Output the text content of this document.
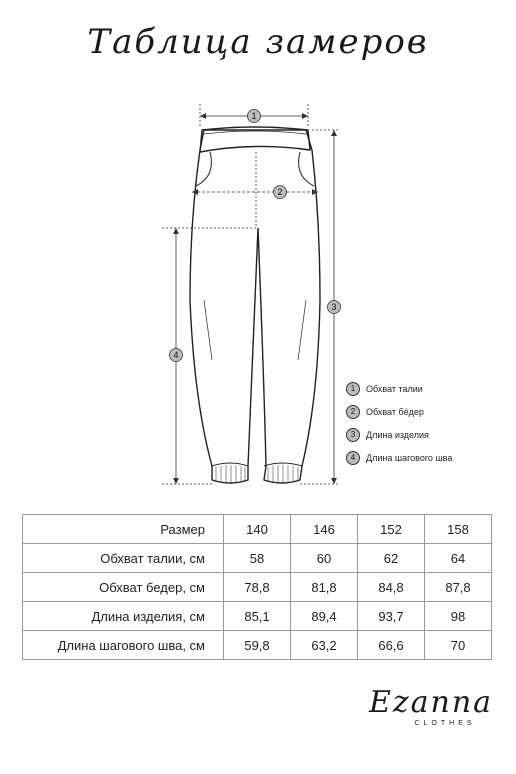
Таблица замеров
1
2
3
4
1	Обхват талии
2	Обхват бёдер
3	Длина изделия
4	Длина шагового шва
Размер	140	146	152	158
Обхват талии, см	58	60	62	64
Обхват бедер, см	78,8	81,8	84,8	87,8
Длина изделия, см	85,1	89,4	93,7	98
Длина шагового шва, см	59,8	63,2	66,6	70
Ezanna
CLOTHES
